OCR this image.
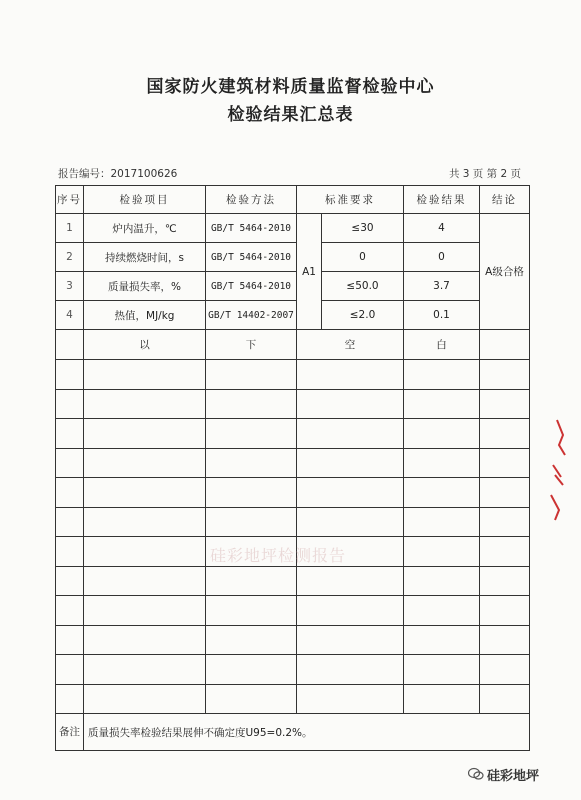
国家防火建筑材料质量监督检验中心
检验结果汇总表
报告编号：2017100626	共 3 页 第 2 页
序号	检验项目	检验方法	标准要求		检验结果	结论
1	炉内温升，℃	GB/T 5464-2010	A1	≤30	4	A级合格
2	持续燃烧时间，s	GB/T 5464-2010		0	0	
3	质量损失率，%	GB/T 5464-2010		≤50.0	3.7	
4	热值，MJ/kg	GB/T 14402-2007		≤2.0	0.1	
	以	下	空		白	

备注	质量损失率检验结果展伸不确定度U95=0.2%。					
硅彩地坪检测报告
硅彩地坪
